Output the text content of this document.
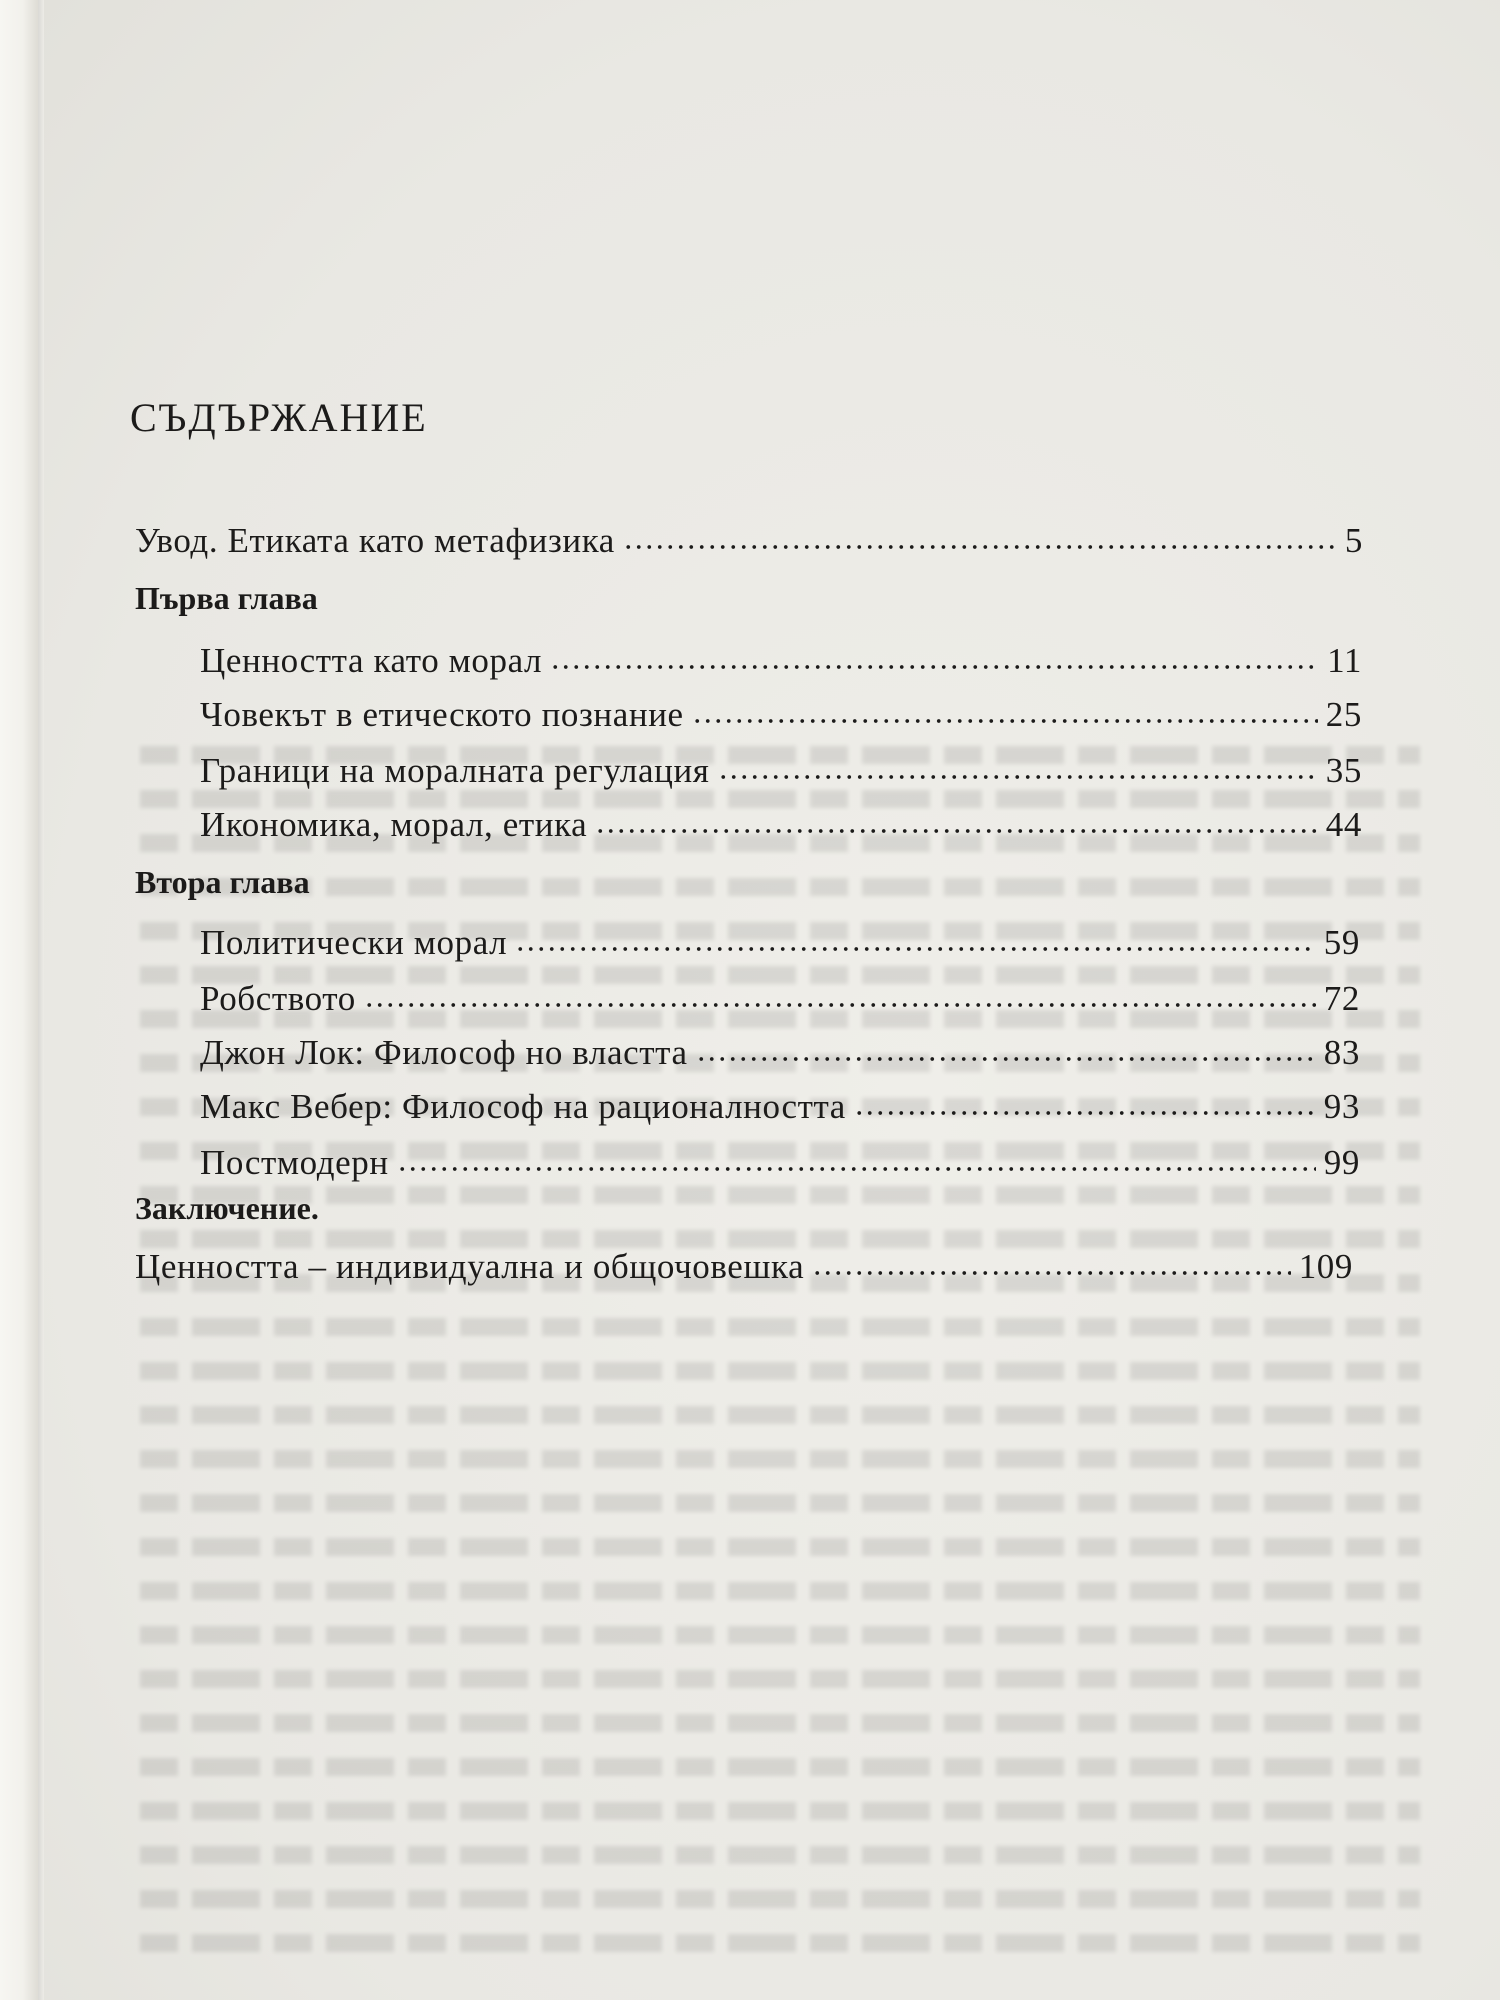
СЪДЪРЖАНИЕ
Увод. Етиката като метафизика	5
Първа глава
Ценността като морал	11
Човекът в етическото познание	25
Граници на моралната регулация	35
Икономика, морал, етика	44
Втора глава
Политически морал	59
Робството	72
Джон Лок: Философ но властта	83
Макс Вебер: Философ на рационалността	93
Постмодерн	99
Заключение.
Ценността – индивидуална и общочовешка	109
